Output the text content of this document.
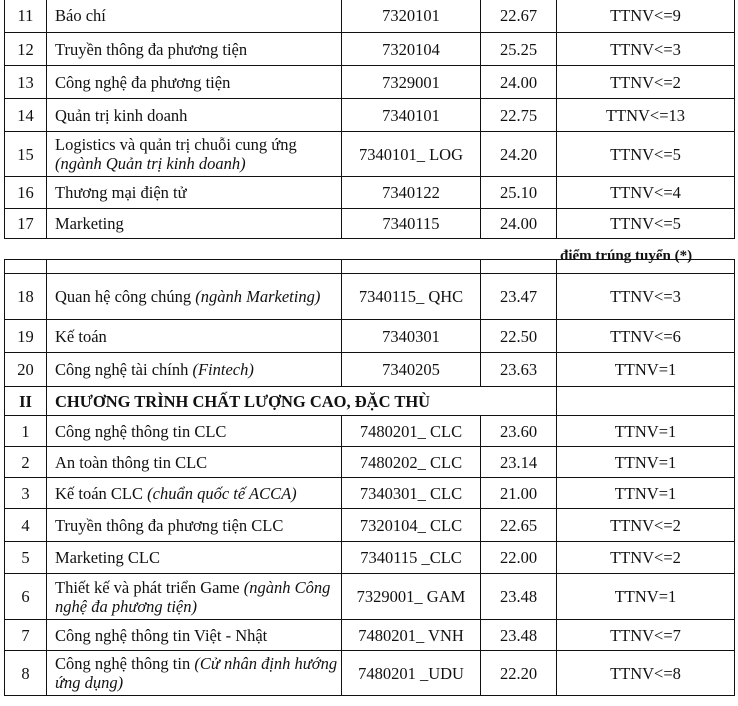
11	Báo chí	7320101	22.67	TTNV<=9
12	Truyền thông đa phương tiện	7320104	25.25	TTNV<=3
13	Công nghệ đa phương tiện	7329001	24.00	TTNV<=2
14	Quản trị kinh doanh	7340101	22.75	TTNV<=13
15	Logistics và quản trị chuỗi cung ứng (ngành Quản trị kinh doanh)	7340101_ LOG	24.20	TTNV<=5
16	Thương mại điện tử	7340122	25.10	TTNV<=4
17	Marketing	7340115	24.00	TTNV<=5
điểm trúng tuyển (*)

18	Quan hệ công chúng (ngành Marketing)	7340115_ QHC	23.47	TTNV<=3
19	Kế toán	7340301	22.50	TTNV<=6
20	Công nghệ tài chính (Fintech)	7340205	23.63	TTNV=1
II	CHƯƠNG TRÌNH CHẤT LƯỢNG CAO, ĐẶC THÙ			
1	Công nghệ thông tin CLC	7480201_ CLC	23.60	TTNV=1
2	An toàn thông tin CLC	7480202_ CLC	23.14	TTNV=1
3	Kế toán CLC (chuẩn quốc tế ACCA)	7340301_ CLC	21.00	TTNV=1
4	Truyền thông đa phương tiện CLC	7320104_ CLC	22.65	TTNV<=2
5	Marketing CLC	7340115 _CLC	22.00	TTNV<=2
6	Thiết kế và phát triển Game (ngành Công nghệ đa phương tiện)	7329001_ GAM	23.48	TTNV=1
7	Công nghệ thông tin Việt - Nhật	7480201_ VNH	23.48	TTNV<=7
8	Công nghệ thông tin (Cử nhân định hướng ứng dụng)	7480201 _UDU	22.20	TTNV<=8
